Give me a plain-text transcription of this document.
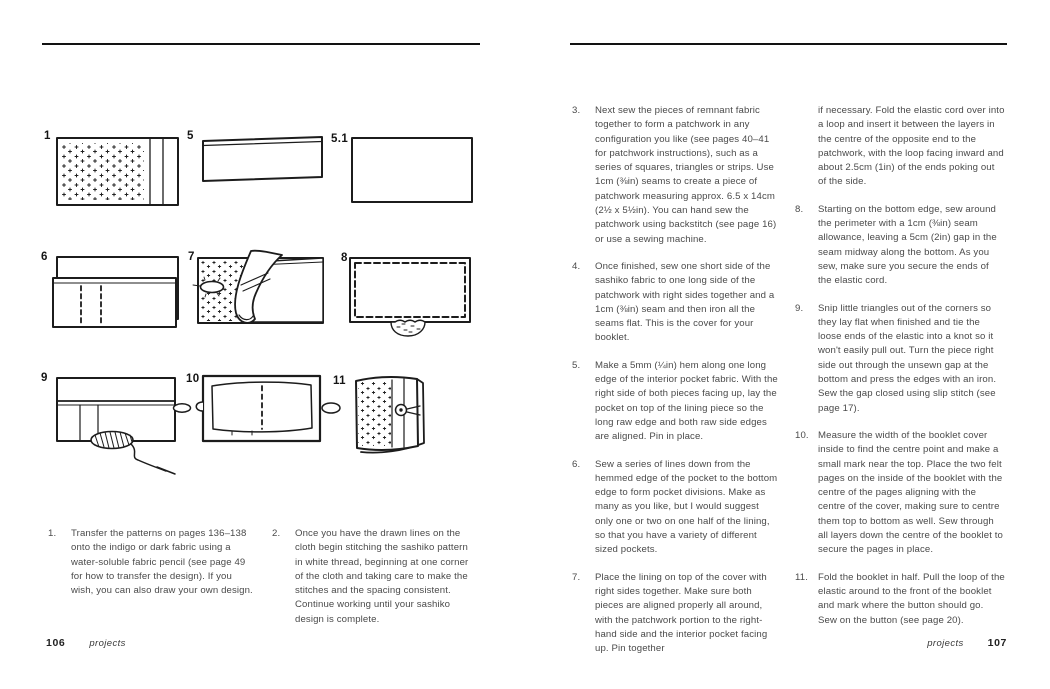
1	5	5.1
6	7	8
9	10	11
1.	Transfer the patterns on pages 136–138 onto the indigo or dark fabric using a water-soluble fabric pencil (see page 49 for how to transfer the design). If you wish, you can also draw your own design.

2.	Once you have the drawn lines on the cloth begin stitching the sashiko pattern in white thread, beginning at one corner of the cloth and taking care to make the stitches and the spacing consistent. Continue working until your sashiko design is complete.

3.	Next sew the pieces of remnant fabric together to form a patchwork in any configuration you like (see pages 40–41 for patchwork instructions), such as a series of squares, triangles or strips. Use 1cm (⅜in) seams to create a piece of patchwork measuring approx. 6.5 x 14cm (2½ x 5½in). You can hand sew the patchwork using backstitch (see page 16) or use a sewing machine.

4.	Once finished, sew one short side of the sashiko fabric to one long side of the patchwork with right sides together and a 1cm (⅜in) seam and then iron all the seams flat. This is the cover for your booklet.

5.	Make a 5mm (¼in) hem along one long edge of the interior pocket fabric. With the right side of both pieces facing up, lay the pocket on top of the lining piece so the long raw edge and both raw side edges are aligned. Pin in place.

6.	Sew a series of lines down from the hemmed edge of the pocket to the bottom edge to form pocket divisions. Make as many as you like, but I would suggest only one or two on one half of the lining, so that you have a variety of different sized pockets.

7.	Place the lining on top of the cover with right sides together. Make sure both pieces are aligned properly all around, with the patchwork portion to the right-hand side and the interior pocket facing up. Pin together

if necessary. Fold the elastic cord over into a loop and insert it between the layers in the centre of the opposite end to the patchwork, with the loop facing inward and about 2.5cm (1in) of the ends poking out of the side.

8.	Starting on the bottom edge, sew around the perimeter with a 1cm (⅜in) seam allowance, leaving a 5cm (2in) gap in the seam midway along the bottom. As you sew, make sure you secure the ends of the elastic cord.

9.	Snip little triangles out of the corners so they lay flat when finished and tie the loose ends of the elastic into a knot so it won't easily pull out. Turn the piece right side out through the unsewn gap at the bottom and press the edges with an iron. Sew the gap closed using slip stitch (see page 17).

10. Measure the width of the booklet cover inside to find the centre point and make a small mark near the top. Place the two felt pages on the inside of the booklet with the centre of the pages aligning with the centre of the cover, making sure to centre them top to bottom as well. Sew through all layers down the centre of the booklet to secure the pages in place.

11.	Fold the booklet in half. Pull the loop of the elastic around to the front of the booklet and mark where the button should go. Sew on the button (see page 20).

106	projects	projects 107
